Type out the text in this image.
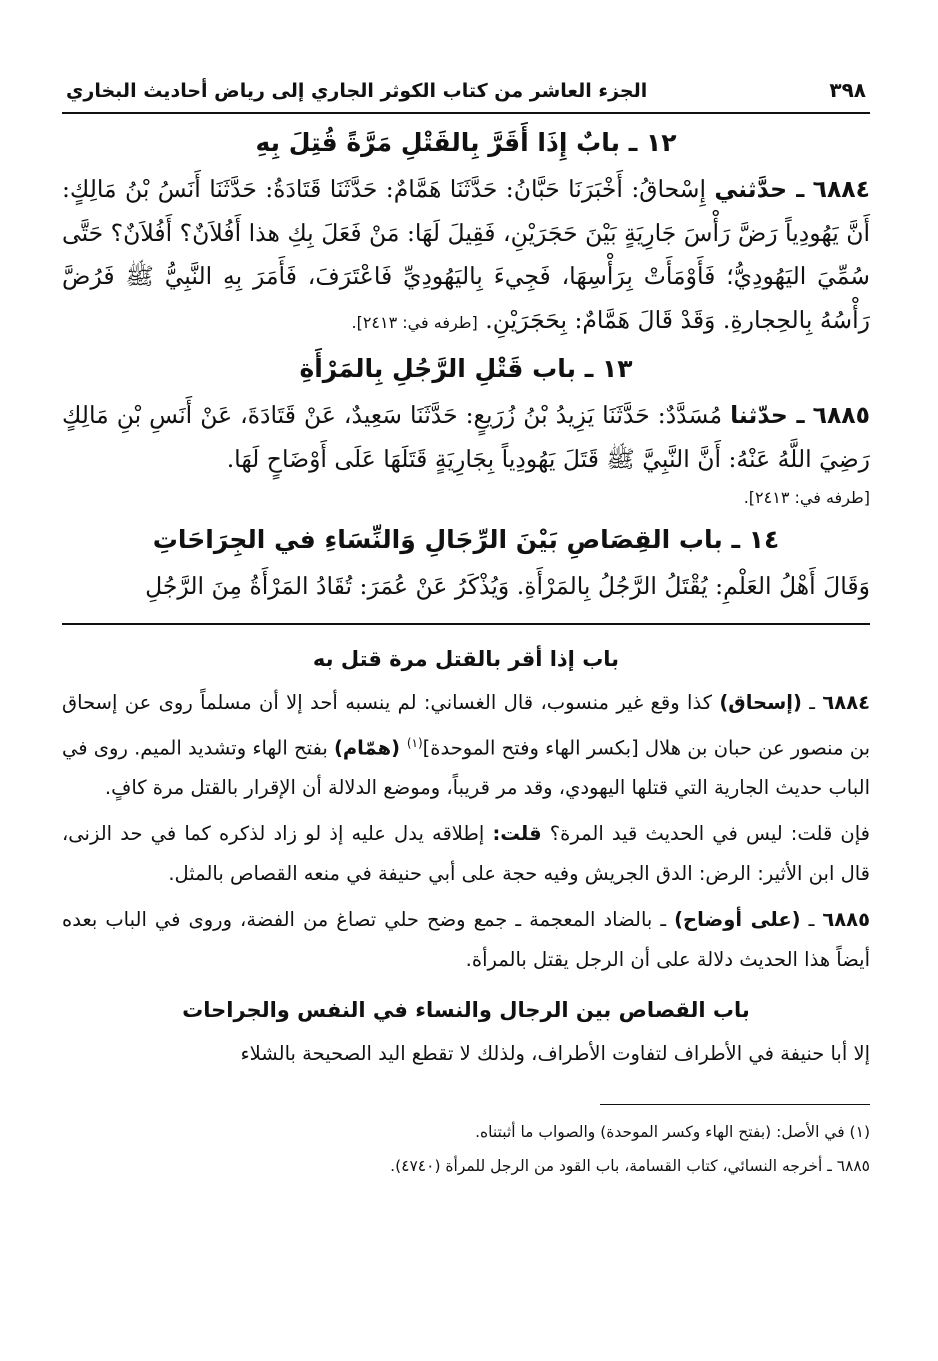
٣٩٨
الجزء العاشر من كتاب الكوثر الجاري إلى رياض أحاديث البخاري
١٢ ـ بابٌ إِذَا أَقَرَّ بِالقَتْلِ مَرَّةً قُتِلَ بِهِ

٦٨٨٤ ـ حدَّثني إِسْحاقُ: أَخْبَرَنَا حَبَّانُ: حَدَّثَنَا هَمَّامٌ: حَدَّثَنَا قَتَادَةُ: حَدَّثَنَا أَنَسُ بْنُ مَالِكٍ: أَنَّ يَهُودِياً رَضَّ رَأْسَ جَارِيَةٍ بَيْنَ حَجَرَيْنِ، فَقِيلَ لَهَا: مَنْ فَعَلَ بِكِ هذا أَفُلاَنٌ؟ أَفُلاَنٌ؟ حَتَّى سُمِّيَ اليَهُودِيُّ؛ فَأَوْمَأَتْ بِرَأْسِهَا، فَجِيءَ بِاليَهُودِيِّ فَاعْتَرَفَ، فَأَمَرَ بِهِ النَّبِيُّ ﷺ فَرُضَّ رَأْسُهُ بِالحِجارةِ. وَقَدْ قَالَ هَمَّامٌ: بِحَجَرَيْنِ. [طرفه في: ٢٤١٣].

١٣ ـ باب قَتْلِ الرَّجُلِ بِالمَرْأَةِ

٦٨٨٥ ـ حدّثنا مُسَدَّدٌ: حَدَّثَنَا يَزِيدُ بْنُ زُرَيعٍ: حَدَّثَنَا سَعِيدٌ، عَنْ قَتَادَةَ، عَنْ أَنَسِ بْنِ مَالِكٍ رَضِيَ اللَّهُ عَنْهُ: أَنَّ النَّبِيَّ ﷺ قَتَلَ يَهُودِياً بِجَارِيَةٍ قَتَلَهَا عَلَى أَوْضَاحٍ لَهَا.

[طرفه في: ٢٤١٣].

١٤ ـ باب القِصَاصِ بَيْنَ الرِّجَالِ وَالنِّسَاءِ في الجِرَاحَاتِ

وَقَالَ أَهْلُ العَلْمِ: يُقْتَلُ الرَّجُلُ بِالمَرْأَةِ. وَيُذْكَرُ عَنْ عُمَرَ: تُقَادُ المَرْأَةُ مِنَ الرَّجُلِ

باب إذا أقر بالقتل مرة قتل به

٦٨٨٤ ـ (إسحاق) كذا وقع غير منسوب، قال الغساني: لم ينسبه أحد إلا أن مسلماً روى عن إسحاق بن منصور عن حبان بن هلال [بكسر الهاء وفتح الموحدة]$^{(١)}$ (همّام) بفتح الهاء وتشديد الميم. روى في الباب حديث الجارية التي قتلها اليهودي، وقد مر قريباً، وموضع الدلالة أن الإقرار بالقتل مرة كافٍ.

فإن قلت: ليس في الحديث قيد المرة؟ قلت: إطلاقه يدل عليه إذ لو زاد لذكره كما في حد الزنى، قال ابن الأثير: الرض: الدق الجريش وفيه حجة على أبي حنيفة في منعه القصاص بالمثل.

٦٨٨٥ ـ (على أوضاح) ـ بالضاد المعجمة ـ جمع وضح حلي تصاغ من الفضة، وروى في الباب بعده أيضاً هذا الحديث دلالة على أن الرجل يقتل بالمرأة.

باب القصاص بين الرجال والنساء في النفس والجراحات

إلا أبا حنيفة في الأطراف لتفاوت الأطراف، ولذلك لا تقطع اليد الصحيحة بالشلاء

(١) في الأصل: (بفتح الهاء وكسر الموحدة) والصواب ما أثبتناه.

٦٨٨٥ ـ أخرجه النسائي، كتاب القسامة، باب القود من الرجل للمرأة (٤٧٤٠).
